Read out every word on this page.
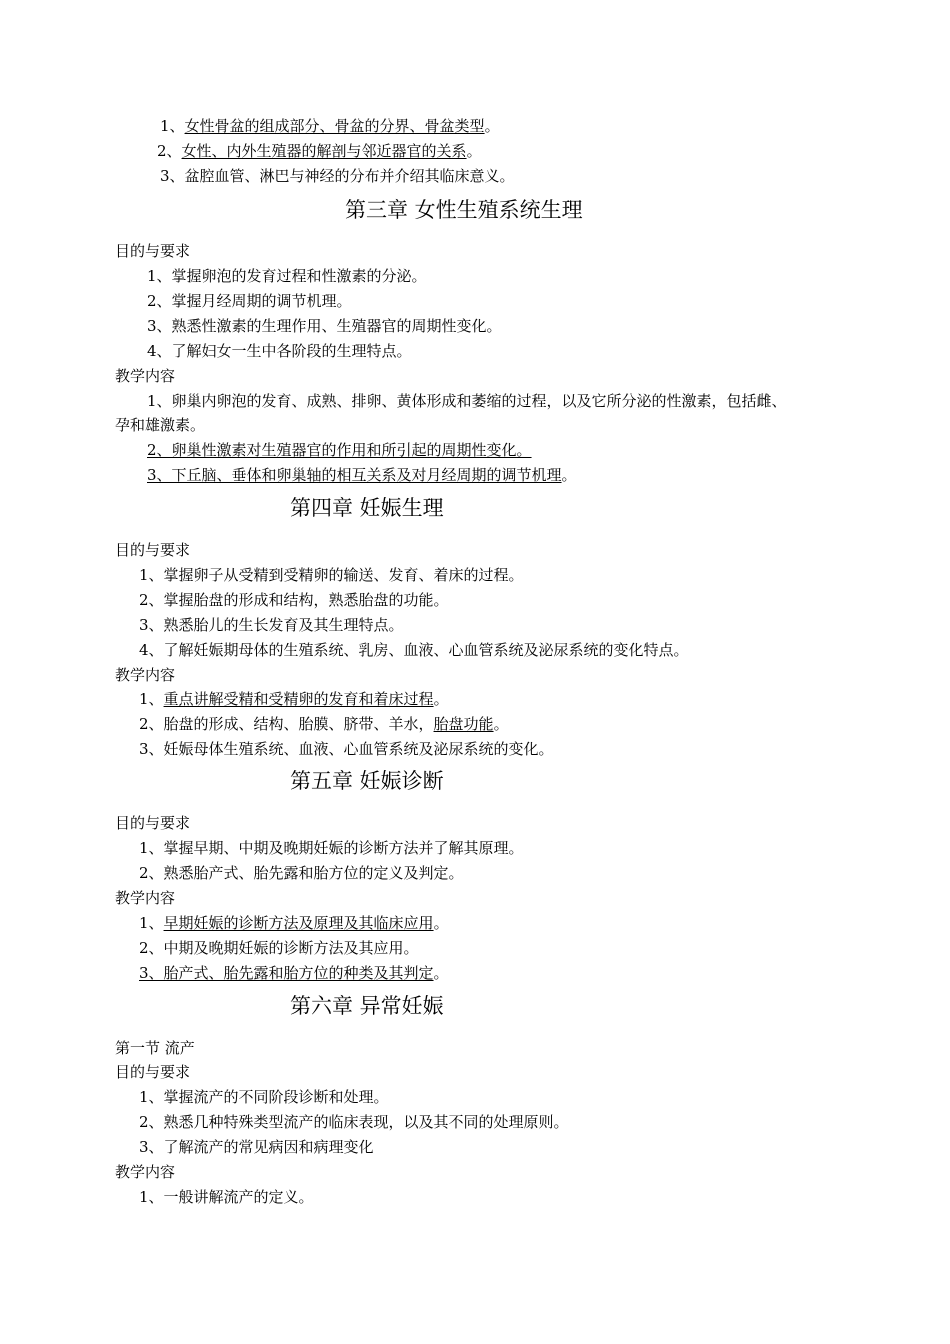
1、女性骨盆的组成部分、骨盆的分界、骨盆类型。
2、女性、内外生殖器的解剖与邻近器官的关系。
3、盆腔血管、淋巴与神经的分布并介绍其临床意义。
第三章 女性生殖系统生理
目的与要求
1、掌握卵泡的发育过程和性激素的分泌。
2、掌握月经周期的调节机理。
3、熟悉性激素的生理作用、生殖器官的周期性变化。
4、了解妇女一生中各阶段的生理特点。
教学内容
1、卵巢内卵泡的发育、成熟、排卵、黄体形成和萎缩的过程，以及它所分泌的性激素，包括雌、
孕和雄激素。
2、卵巢性激素对生殖器官的作用和所引起的周期性变化。
3、下丘脑、垂体和卵巢轴的相互关系及对月经周期的调节机理。
第四章 妊娠生理
目的与要求
1、掌握卵子从受精到受精卵的输送、发育、着床的过程。
2、掌握胎盘的形成和结构，熟悉胎盘的功能。
3、熟悉胎儿的生长发育及其生理特点。
4、了解妊娠期母体的生殖系统、乳房、血液、心血管系统及泌尿系统的变化特点。
教学内容
1、重点讲解受精和受精卵的发育和着床过程。
2、胎盘的形成、结构、胎膜、脐带、羊水，胎盘功能。
3、妊娠母体生殖系统、血液、心血管系统及泌尿系统的变化。
第五章 妊娠诊断
目的与要求
1、掌握早期、中期及晚期妊娠的诊断方法并了解其原理。
2、熟悉胎产式、胎先露和胎方位的定义及判定。
教学内容
1、早期妊娠的诊断方法及原理及其临床应用。
2、中期及晚期妊娠的诊断方法及其应用。
3、胎产式、胎先露和胎方位的种类及其判定。
第六章 异常妊娠
第一节 流产
目的与要求
1、掌握流产的不同阶段诊断和处理。
2、熟悉几种特殊类型流产的临床表现，以及其不同的处理原则。
3、了解流产的常见病因和病理变化
教学内容
1、一般讲解流产的定义。
